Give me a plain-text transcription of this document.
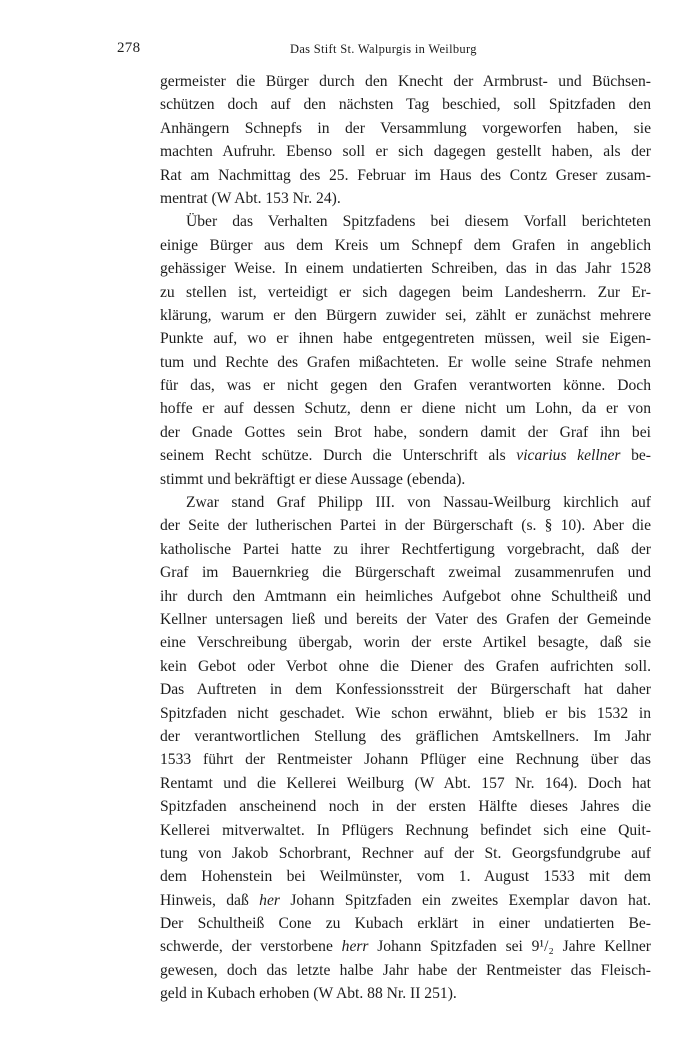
278	Das Stift St. Walpurgis in Weilburg
germeister die Bürger durch den Knecht der Armbrust- und Büchsen-
schützen doch auf den nächsten Tag beschied, soll Spitzfaden den
Anhängern Schnepfs in der Versammlung vorgeworfen haben, sie
machten Aufruhr. Ebenso soll er sich dagegen gestellt haben, als der
Rat am Nachmittag des 25. Februar im Haus des Contz Greser zusam-
mentrat (W Abt. 153 Nr. 24).
Über das Verhalten Spitzfadens bei diesem Vorfall berichteten
einige Bürger aus dem Kreis um Schnepf dem Grafen in angeblich
gehässiger Weise. In einem undatierten Schreiben, das in das Jahr 1528
zu stellen ist, verteidigt er sich dagegen beim Landesherrn. Zur Er-
klärung, warum er den Bürgern zuwider sei, zählt er zunächst mehrere
Punkte auf, wo er ihnen habe entgegentreten müssen, weil sie Eigen-
tum und Rechte des Grafen mißachteten. Er wolle seine Strafe nehmen
für das, was er nicht gegen den Grafen verantworten könne. Doch
hoffe er auf dessen Schutz, denn er diene nicht um Lohn, da er von
der Gnade Gottes sein Brot habe, sondern damit der Graf ihn bei
seinem Recht schütze. Durch die Unterschrift als vicarius kellner be-
stimmt und bekräftigt er diese Aussage (ebenda).
Zwar stand Graf Philipp III. von Nassau-Weilburg kirchlich auf
der Seite der lutherischen Partei in der Bürgerschaft (s. § 10). Aber die
katholische Partei hatte zu ihrer Rechtfertigung vorgebracht, daß der
Graf im Bauernkrieg die Bürgerschaft zweimal zusammenrufen und
ihr durch den Amtmann ein heimliches Aufgebot ohne Schultheiß und
Kellner untersagen ließ und bereits der Vater des Grafen der Gemeinde
eine Verschreibung übergab, worin der erste Artikel besagte, daß sie
kein Gebot oder Verbot ohne die Diener des Grafen aufrichten soll.
Das Auftreten in dem Konfessionsstreit der Bürgerschaft hat daher
Spitzfaden nicht geschadet. Wie schon erwähnt, blieb er bis 1532 in
der verantwortlichen Stellung des gräflichen Amtskellners. Im Jahr
1533 führt der Rentmeister Johann Pflüger eine Rechnung über das
Rentamt und die Kellerei Weilburg (W Abt. 157 Nr. 164). Doch hat
Spitzfaden anscheinend noch in der ersten Hälfte dieses Jahres die
Kellerei mitverwaltet. In Pflügers Rechnung befindet sich eine Quit-
tung von Jakob Schorbrant, Rechner auf der St. Georgsfundgrube auf
dem Hohenstein bei Weilmünster, vom 1. August 1533 mit dem
Hinweis, daß her Johann Spitzfaden ein zweites Exemplar davon hat.
Der Schultheiß Cone zu Kubach erklärt in einer undatierten Be-
schwerde, der verstorbene herr Johann Spitzfaden sei 9¹/₂ Jahre Kellner
gewesen, doch das letzte halbe Jahr habe der Rentmeister das Fleisch-
geld in Kubach erhoben (W Abt. 88 Nr. II 251).
